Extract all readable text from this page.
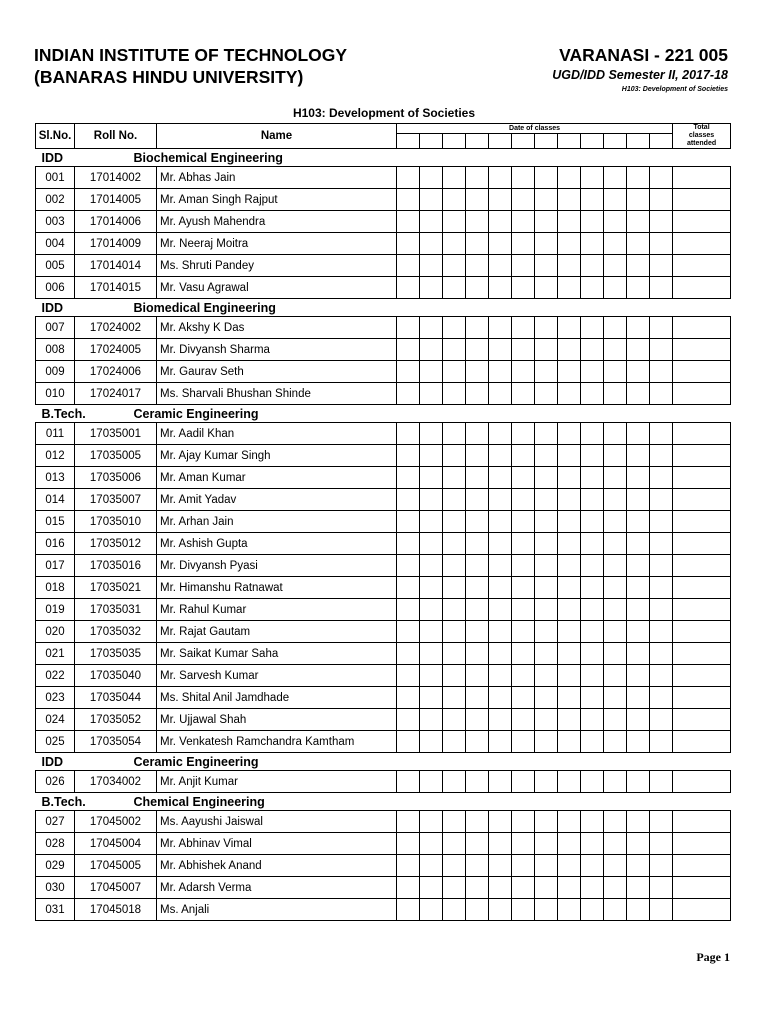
INDIAN INSTITUTE OF TECHNOLOGY
(BANARAS HINDU UNIVERSITY)
VARANASI - 221 005
UGD/IDD Semester II, 2017-18
H103: Development of Societies
H103: Development of Societies
Sl.No.	Roll No.	Name	Date of classes												Total
classes
attended

IDD Biochemical Engineering															

001	17014002	Mr. Abhas Jain													
002	17014005	Mr. Aman Singh Rajput													
003	17014006	Mr. Ayush Mahendra													
004	17014009	Mr. Neeraj Moitra													
005	17014014	Ms. Shruti Pandey													
006	17014015	Mr. Vasu Agrawal													
IDD Biomedical Engineering															

007	17024002	Mr. Akshy K Das													
008	17024005	Mr. Divyansh Sharma													
009	17024006	Mr. Gaurav Seth													
010	17024017	Ms. Sharvali Bhushan Shinde													
B.Tech. Ceramic Engineering															

011	17035001	Mr. Aadil Khan													
012	17035005	Mr. Ajay Kumar Singh													
013	17035006	Mr. Aman Kumar													
014	17035007	Mr. Amit Yadav													
015	17035010	Mr. Arhan Jain													
016	17035012	Mr. Ashish Gupta													
017	17035016	Mr. Divyansh Pyasi													
018	17035021	Mr. Himanshu Ratnawat													
019	17035031	Mr. Rahul Kumar													
020	17035032	Mr. Rajat Gautam													
021	17035035	Mr. Saikat Kumar Saha													
022	17035040	Mr. Sarvesh Kumar													
023	17035044	Ms. Shital Anil Jamdhade													
024	17035052	Mr. Ujjawal Shah													
025	17035054	Mr. Venkatesh Ramchandra Kamtham													
IDD Ceramic Engineering															

026	17034002	Mr. Anjit Kumar													
B.Tech. Chemical Engineering															

027	17045002	Ms. Aayushi Jaiswal													
028	17045004	Mr. Abhinav Vimal													
029	17045005	Mr. Abhishek Anand													
030	17045007	Mr. Adarsh Verma													
031	17045018	Ms. Anjali													
Page 1
